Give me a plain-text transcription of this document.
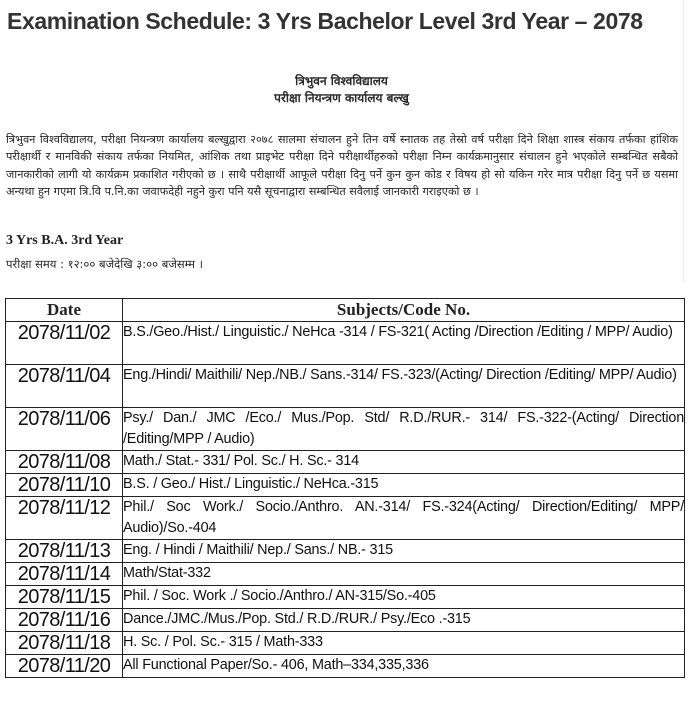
Examination Schedule: 3 Yrs Bachelor Level 3rd Year – 2078
त्रिभुवन विश्वविद्यालय
परीक्षा नियन्त्रण कार्यालय बल्खु

त्रिभुवन विश्वविद्यालय, परीक्षा नियन्त्रण कार्यालय बल्खुद्वारा २०७८ सालमा संचालन हुने तिन वर्षे स्नातक तह तेस्रो वर्ष परीक्षा दिने शिक्षा शास्त्र संकाय तर्फका हांशिक परीक्षार्थी र मानविकी संकाय तर्फका नियमित, आंशिक तथा प्राइभेट परीक्षा दिने परीक्षार्थीहरुको परीक्षा निम्न कार्यक्रमानुसार संचालन हुने भएकोले सम्बन्धित सबैको जानकारीको लागी यो कार्यक्रम प्रकाशित गरीएको छ । साथै परीक्षार्थी आफूले परीक्षा दिनु पर्ने कुन कुन कोड र विषय हो सो यकिन गरेर मात्र परीक्षा दिनु पर्ने छ यसमा अन्यथा हुन गएमा त्रि.वि प.नि.का जवाफदेही नहुने कुरा पनि यसै सूचनाद्वारा सम्बन्धित सवैलाई जानकारी गराइएको छ ।

3 Yrs B.A. 3rd Year
परीक्षा समय : १२:०० बजेदेखि ३:०० बजेसम्म ।
Date	Subjects/Code No.
2078/11/02	B.S./Geo./Hist./ Linguistic./ NeHca -314 / FS-321( Acting /Direction /Editing / MPP/ Audio)
2078/11/04	Eng./Hindi/ Maithili/ Nep./NB./ Sans.-314/ FS.-323/(Acting/ Direction /Editing/ MPP/ Audio)
2078/11/06	Psy./ Dan./ JMC /Eco./ Mus./Pop. Std/ R.D./RUR.- 314/ FS.-322-(Acting/ Direction /Editing/MPP / Audio)
2078/11/08	Math./ Stat.- 331/ Pol. Sc./ H. Sc.- 314
2078/11/10	B.S. / Geo./ Hist./ Linguistic./ NeHca.-315
2078/11/12	Phil./ Soc Work./ Socio./Anthro. AN.-314/ FS.-324(Acting/ Direction/Editing/ MPP/ Audio)/So.-404
2078/11/13	Eng. / Hindi / Maithili/ Nep./ Sans./ NB.- 315
2078/11/14	Math/Stat-332
2078/11/15	Phil. / Soc. Work ./ Socio./Anthro./ AN-315/So.-405
2078/11/16	Dance./JMC./Mus./Pop. Std./ R.D./RUR./ Psy./Eco .-315
2078/11/18	H. Sc. / Pol. Sc.- 315 / Math-333
2078/11/20	All Functional Paper/So.- 406, Math–334,335,336
